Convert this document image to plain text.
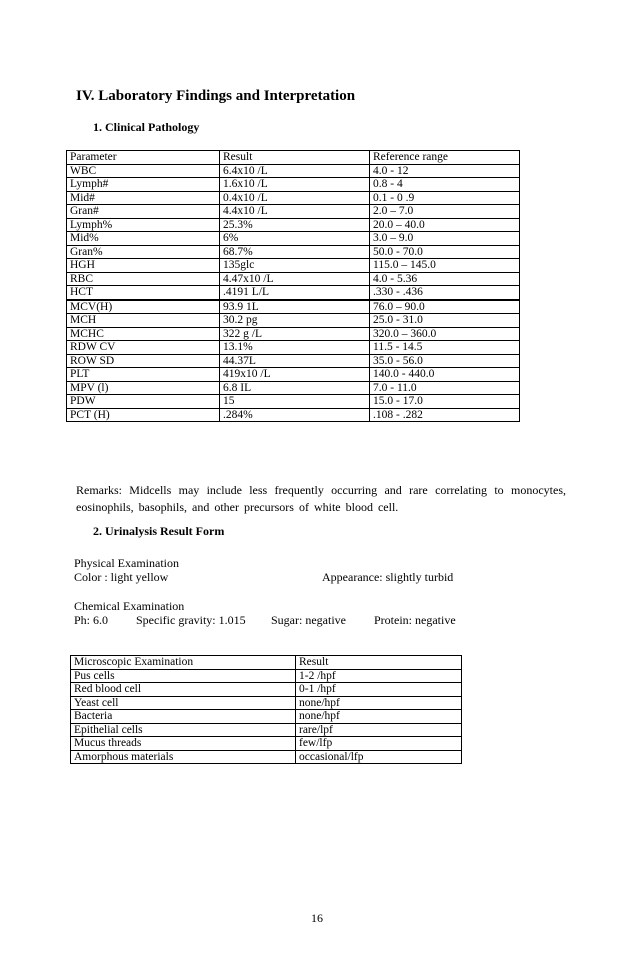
IV. Laboratory Findings and Interpretation
1. Clinical Pathology
Parameter	Result	Reference range
WBC	6.4x10 /L	4.0 - 12
Lymph#	1.6x10 /L	0.8 - 4
Mid#	0.4x10 /L	0.1 - 0 .9
Gran#	4.4x10 /L	2.0 – 7.0
Lymph%	25.3%	20.0 – 40.0
Mid%	6%	3.0 – 9.0
Gran%	68.7%	50.0 - 70.0
HGH	135glc	115.0 – 145.0
RBC	4.47x10 /L	4.0 - 5.36
HCT	.4191 L/L	.330 - .436
MCV(H)	93.9 1L	76.0 – 90.0
MCH	30.2 pg	25.0 - 31.0
MCHC	322 g /L	320.0 – 360.0
RDW CV	13.1%	11.5 - 14.5
ROW SD	44.37L	35.0 - 56.0
PLT	419x10 /L	140.0 - 440.0
MPV (l)	6.8 IL	7.0 - 11.0
PDW	15	15.0 - 17.0
PCT (H)	.284%	.108 - .282
Remarks: Midcells may include less frequently occurring and rare correlating to monocytes, eosinophils, basophils, and other precursors of white blood cell.
2. Urinalysis Result Form
Physical Examination
Color : light yellow	Appearance: slightly turbid
Chemical Examination
Ph: 6.0 Specific gravity: 1.015 Sugar: negative Protein: negative
Microscopic Examination	Result
Pus cells	1-2 /hpf
Red blood cell	0-1 /hpf
Yeast cell	none/hpf
Bacteria	none/hpf
Epithelial cells	rare/lpf
Mucus threads	few/lfp
Amorphous materials	occasional/lfp
16
